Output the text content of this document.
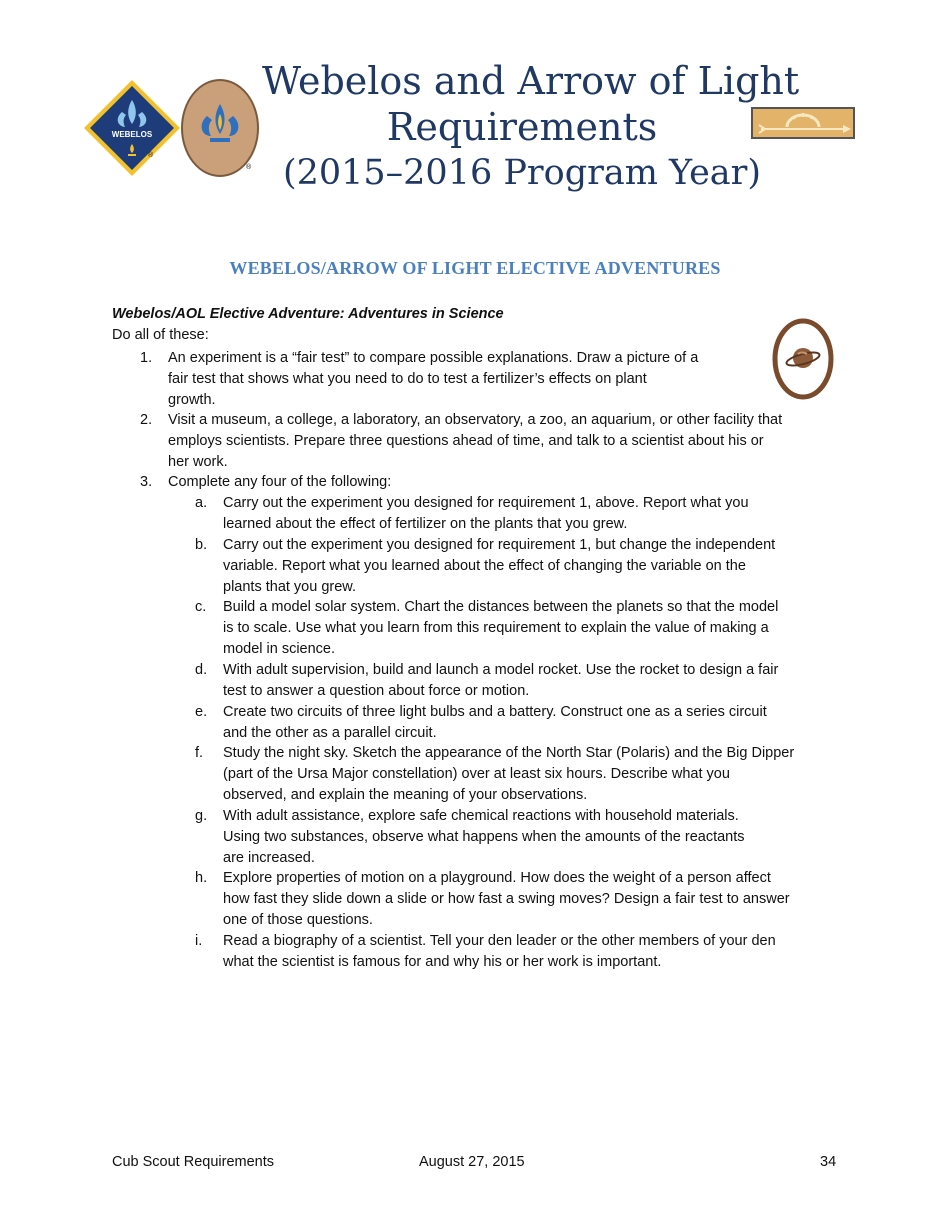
WEBELOS
®
®
Webelos and Arrow of Light
Requirements
(2015–2016 Program Year)
WEBELOS/ARROW OF LIGHT ELECTIVE ADVENTURES
Webelos/AOL Elective Adventure: Adventures in Science
Do all of these:
1. An experiment is a “fair test” to compare possible explanations. Draw a picture of a
fair test that shows what you need to do to test a fertilizer’s effects on plant
growth.
2. Visit a museum, a college, a laboratory, an observatory, a zoo, an aquarium, or other facility that
employs scientists. Prepare three questions ahead of time, and talk to a scientist about his or
her work.
3. Complete any four of the following:
a. Carry out the experiment you designed for requirement 1, above. Report what you
learned about the effect of fertilizer on the plants that you grew.
b. Carry out the experiment you designed for requirement 1, but change the independent
variable. Report what you learned about the effect of changing the variable on the
plants that you grew.
c. Build a model solar system. Chart the distances between the planets so that the model
is to scale. Use what you learn from this requirement to explain the value of making a
model in science.
d. With adult supervision, build and launch a model rocket. Use the rocket to design a fair
test to answer a question about force or motion.
e. Create two circuits of three light bulbs and a battery. Construct one as a series circuit
and the other as a parallel circuit.
f. Study the night sky. Sketch the appearance of the North Star (Polaris) and the Big Dipper
(part of the Ursa Major constellation) over at least six hours. Describe what you
observed, and explain the meaning of your observations.
g. With adult assistance, explore safe chemical reactions with household materials.
Using two substances, observe what happens when the amounts of the reactants
are increased.
h. Explore properties of motion on a playground. How does the weight of a person affect
how fast they slide down a slide or how fast a swing moves? Design a fair test to answer
one of those questions.
i. Read a biography of a scientist. Tell your den leader or the other members of your den
what the scientist is famous for and why his or her work is important.
Cub Scout Requirements	August 27, 2015	34
